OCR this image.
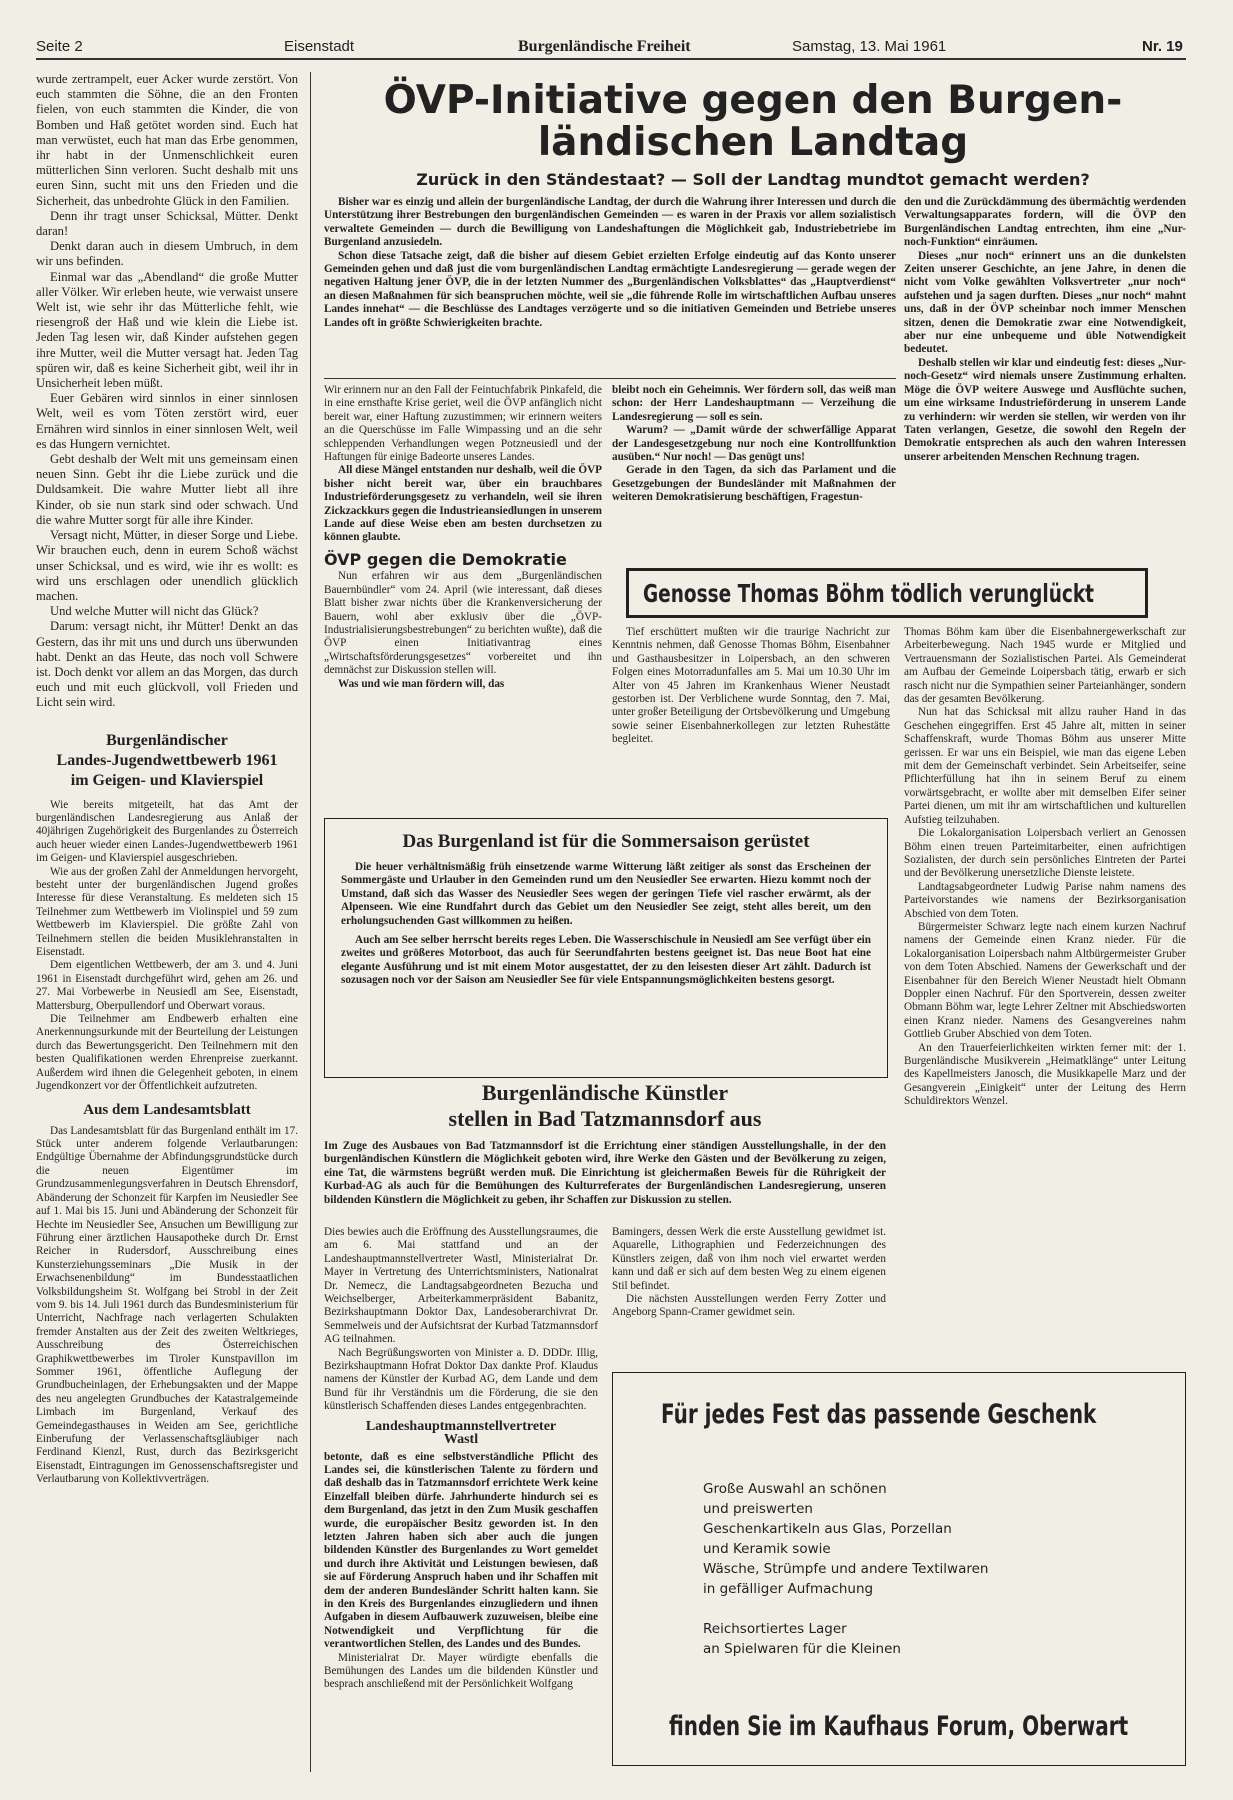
Seite 2	Eisenstadt	Burgenländische Freiheit	Samstag, 13. Mai 1961	Nr. 19

wurde zertrampelt, euer Acker wurde zerstört. Von euch stammten die Söhne, die an den Fronten fielen, von euch stammten die Kinder, die von Bomben und Haß getötet worden sind. Euch hat man verwüstet, euch hat man das Erbe genommen, ihr habt in der Unmenschlichkeit euren mütterlichen Sinn verloren. Sucht deshalb mit uns euren Sinn, sucht mit uns den Frieden und die Sicherheit, das unbedrohte Glück in den Familien.

Denn ihr tragt unser Schicksal, Mütter. Denkt daran!

Denkt daran auch in diesem Umbruch, in dem wir uns befinden.

Einmal war das „Abendland“ die große Mutter aller Völker. Wir erleben heute, wie verwaist unsere Welt ist, wie sehr ihr das Mütterliche fehlt, wie riesengroß der Haß und wie klein die Liebe ist. Jeden Tag lesen wir, daß Kinder aufstehen gegen ihre Mutter, weil die Mutter versagt hat. Jeden Tag spüren wir, daß es keine Sicherheit gibt, weil ihr in Unsicherheit leben müßt.

Euer Gebären wird sinnlos in einer sinnlosen Welt, weil es vom Töten zerstört wird, euer Ernähren wird sinnlos in einer sinnlosen Welt, weil es das Hungern vernichtet.

Gebt deshalb der Welt mit uns gemeinsam einen neuen Sinn. Gebt ihr die Liebe zurück und die Duldsamkeit. Die wahre Mutter liebt all ihre Kinder, ob sie nun stark sind oder schwach. Und die wahre Mutter sorgt für alle ihre Kinder.

Versagt nicht, Mütter, in dieser Sorge und Liebe. Wir brauchen euch, denn in eurem Schoß wächst unser Schicksal, und es wird, wie ihr es wollt: es wird uns erschlagen oder unendlich glücklich machen.

Und welche Mutter will nicht das Glück?

Darum: versagt nicht, ihr Mütter! Denkt an das Gestern, das ihr mit uns und durch uns überwunden habt. Denkt an das Heute, das noch voll Schwere ist. Doch denkt vor allem an das Morgen, das durch euch und mit euch glückvoll, voll Frieden und Licht sein wird.

Burgenländischer
Landes-Jugendwettbewerb 1961
im Geigen- und Klavierspiel

Wie bereits mitgeteilt, hat das Amt der burgenländischen Landesregierung aus Anlaß der 40jährigen Zugehörigkeit des Burgenlandes zu Österreich auch heuer wieder einen Landes-Jugendwettbewerb 1961 im Geigen- und Klavierspiel ausgeschrieben.

Wie aus der großen Zahl der Anmeldungen hervorgeht, besteht unter der burgenländischen Jugend großes Interesse für diese Veranstaltung. Es meldeten sich 15 Teilnehmer zum Wettbewerb im Violinspiel und 59 zum Wettbewerb im Klavierspiel. Die größte Zahl von Teilnehmern stellen die beiden Musiklehranstalten in Eisenstadt.

Dem eigentlichen Wettbewerb, der am 3. und 4. Juni 1961 in Eisenstadt durchgeführt wird, gehen am 26. und 27. Mai Vorbewerbe in Neusiedl am See, Eisenstadt, Mattersburg, Oberpullendorf und Oberwart voraus.

Die Teilnehmer am Endbewerb erhalten eine Anerkennungsurkunde mit der Beurteilung der Leistungen durch das Bewertungsgericht. Den Teilnehmern mit den besten Qualifikationen werden Ehrenpreise zuerkannt. Außerdem wird ihnen die Gelegenheit geboten, in einem Jugendkonzert vor der Öffentlichkeit aufzutreten.

Aus dem Landesamtsblatt

Das Landesamtsblatt für das Burgenland enthält im 17. Stück unter anderem folgende Verlautbarungen: Endgültige Übernahme der Abfindungsgrundstücke durch die neuen Eigentümer im Grundzusammenlegungsverfahren in Deutsch Ehrensdorf, Abänderung der Schonzeit für Karpfen im Neusiedler See auf 1. Mai bis 15. Juni und Abänderung der Schonzeit für Hechte im Neusiedler See, Ansuchen um Bewilligung zur Führung einer ärztlichen Hausapotheke durch Dr. Ernst Reicher in Rudersdorf, Ausschreibung eines Kunsterziehungsseminars „Die Musik in der Erwachsenenbildung“ im Bundesstaatlichen Volksbildungsheim St. Wolfgang bei Strobl in der Zeit vom 9. bis 14. Juli 1961 durch das Bundesministerium für Unterricht, Nachfrage nach verlagerten Schulakten fremder Anstalten aus der Zeit des zweiten Weltkrieges, Ausschreibung des Österreichischen Graphikwettbewerbes im Tiroler Kunstpavillon im Sommer 1961, öffentliche Auflegung der Grundbucheinlagen, der Erhebungsakten und der Mappe des neu angelegten Grundbuches der Katastralgemeinde Limbach im Burgenland, Verkauf des Gemeindegasthauses in Weiden am See, gerichtliche Einberufung der Verlassenschaftsgläubiger nach Ferdinand Kienzl, Rust, durch das Bezirksgericht Eisenstadt, Eintragungen im Genossenschaftsregister und Verlautbarung von Kollektivverträgen.

ÖVP-Initiative gegen den Burgen-
ländischen Landtag
Zurück in den Ständestaat? — Soll der Landtag mundtot gemacht werden?

Bisher war es einzig und allein der burgenländische Landtag, der durch die Wahrung ihrer Interessen und durch die Unterstützung ihrer Bestrebungen den burgenländischen Gemeinden — es waren in der Praxis vor allem sozialistisch verwaltete Gemeinden — durch die Bewilligung von Landeshaftungen die Möglichkeit gab, Industriebetriebe im Burgenland anzusiedeln.

Schon diese Tatsache zeigt, daß die bisher auf diesem Gebiet erzielten Erfolge eindeutig auf das Konto unserer Gemeinden gehen und daß just die vom burgenländischen Landtag ermächtigte Landesregierung — gerade wegen der negativen Haltung jener ÖVP, die in der letzten Nummer des „Burgenländischen Volksblattes“ das „Hauptverdienst“ an diesen Maßnahmen für sich beanspruchen möchte, weil sie „die führende Rolle im wirtschaftlichen Aufbau unseres Landes innehat“ — die Beschlüsse des Landtages verzögerte und so die initiativen Gemeinden und Betriebe unseres Landes oft in größte Schwierigkeiten brachte.

Wir erinnern nur an den Fall der Feintuchfabrik Pinkafeld, die in eine ernsthafte Krise geriet, weil die ÖVP anfänglich nicht bereit war, einer Haftung zuzustimmen; wir erinnern weiters an die Querschüsse im Falle Wimpassing und an die sehr schleppenden Verhandlungen wegen Potzneusiedl und der Haftungen für einige Badeorte unseres Landes.

All diese Mängel entstanden nur deshalb, weil die ÖVP bisher nicht bereit war, über ein brauchbares Industrieförderungsgesetz zu verhandeln, weil sie ihren Zickzackkurs gegen die Industrieansiedlungen in unserem Lande auf diese Weise eben am besten durchsetzen zu können glaubte.

ÖVP gegen die Demokratie

Nun erfahren wir aus dem „Burgenländischen Bauernbündler“ vom 24. April (wie interessant, daß dieses Blatt bisher zwar nichts über die Krankenversicherung der Bauern, wohl aber exklusiv über die „ÖVP-Industrialisierungsbestrebungen“ zu berichten wußte), daß die ÖVP einen Initiativantrag eines „Wirtschaftsförderungsgesetzes“ vorbereitet und ihn demnächst zur Diskussion stellen will.

Was und wie man fördern will, das

bleibt noch ein Geheimnis. Wer fördern soll, das weiß man schon: der Herr Landeshauptmann — Verzeihung die Landesregierung — soll es sein.

Warum? — „Damit würde der schwerfällige Apparat der Landesgesetzgebung nur noch eine Kontrollfunktion ausüben.“ Nur noch! — Das genügt uns!

Gerade in den Tagen, da sich das Parlament und die Gesetzgebungen der Bundesländer mit Maßnahmen der weiteren Demokratisierung beschäftigen, Fragestun-

den und die Zurückdämmung des übermächtig werdenden Verwaltungsapparates fordern, will die ÖVP den Burgenländischen Landtag entrechten, ihm eine „Nur-noch-Funktion“ einräumen.

Dieses „nur noch“ erinnert uns an die dunkelsten Zeiten unserer Geschichte, an jene Jahre, in denen die nicht vom Volke gewählten Volksvertreter „nur noch“ aufstehen und ja sagen durften. Dieses „nur noch“ mahnt uns, daß in der ÖVP scheinbar noch immer Menschen sitzen, denen die Demokratie zwar eine Notwendigkeit, aber nur eine unbequeme und üble Notwendigkeit bedeutet.

Deshalb stellen wir klar und eindeutig fest: dieses „Nur-noch-Gesetz“ wird niemals unsere Zustimmung erhalten. Möge die ÖVP weitere Auswege und Ausflüchte suchen, um eine wirksame Industrieförderung in unserem Lande zu verhindern: wir werden sie stellen, wir werden von ihr Taten verlangen, Gesetze, die sowohl den Regeln der Demokratie entsprechen als auch den wahren Interessen unserer arbeitenden Menschen Rechnung tragen.

Genosse Thomas Böhm tödlich verunglückt

Tief erschüttert mußten wir die traurige Nachricht zur Kenntnis nehmen, daß Genosse Thomas Böhm, Eisenbahner und Gasthausbesitzer in Loipersbach, an den schweren Folgen eines Motorradunfalles am 5. Mai um 10.30 Uhr im Alter von 45 Jahren im Krankenhaus Wiener Neustadt gestorben ist. Der Verblichene wurde Sonntag, den 7. Mai, unter großer Beteiligung der Ortsbevölkerung und Umgebung sowie seiner Eisenbahnerkollegen zur letzten Ruhestätte begleitet.

Thomas Böhm kam über die Eisenbahnergewerkschaft zur Arbeiterbewegung. Nach 1945 wurde er Mitglied und Vertrauensmann der Sozialistischen Partei. Als Gemeinderat am Aufbau der Gemeinde Loipersbach tätig, erwarb er sich rasch nicht nur die Sympathien seiner Parteianhänger, sondern das der gesamten Bevölkerung.

Nun hat das Schicksal mit allzu rauher Hand in das Geschehen eingegriffen. Erst 45 Jahre alt, mitten in seiner Schaffenskraft, wurde Thomas Böhm aus unserer Mitte gerissen. Er war uns ein Beispiel, wie man das eigene Leben mit dem der Gemeinschaft verbindet. Sein Arbeitseifer, seine Pflichterfüllung hat ihn in seinem Beruf zu einem vorwärtsgebracht, er wollte aber mit demselben Eifer seiner Partei dienen, um mit ihr am wirtschaftlichen und kulturellen Aufstieg teilzuhaben.

Die Lokalorganisation Loipersbach verliert an Genossen Böhm einen treuen Parteimitarbeiter, einen aufrichtigen Sozialisten, der durch sein persönliches Eintreten der Partei und der Bevölkerung unersetzliche Dienste leistete.

Landtagsabgeordneter Ludwig Parise nahm namens des Parteivorstandes wie namens der Bezirksorganisation Abschied von dem Toten.

Bürgermeister Schwarz legte nach einem kurzen Nachruf namens der Gemeinde einen Kranz nieder. Für die Lokalorganisation Loipersbach nahm Altbürgermeister Gruber von dem Toten Abschied. Namens der Gewerkschaft und der Eisenbahner für den Bereich Wiener Neustadt hielt Obmann Doppler einen Nachruf. Für den Sportverein, dessen zweiter Obmann Böhm war, legte Lehrer Zeltner mit Abschiedsworten einen Kranz nieder. Namens des Gesangvereines nahm Gottlieb Gruber Abschied von dem Toten.

An den Trauerfeierlichkeiten wirkten ferner mit: der 1. Burgenländische Musikverein „Heimatklänge“ unter Leitung des Kapellmeisters Janosch, die Musikkapelle Marz und der Gesangverein „Einigkeit“ unter der Leitung des Herrn Schuldirektors Wenzel.

Das Burgenland ist für die Sommersaison gerüstet

Die heuer verhältnismäßig früh einsetzende warme Witterung läßt zeitiger als sonst das Erscheinen der Sommergäste und Urlauber in den Gemeinden rund um den Neusiedler See erwarten. Hiezu kommt noch der Umstand, daß sich das Wasser des Neusiedler Sees wegen der geringen Tiefe viel rascher erwärmt, als der Alpenseen. Wie eine Rundfahrt durch das Gebiet um den Neusiedler See zeigt, steht alles bereit, um den erholungsuchenden Gast willkommen zu heißen.

Auch am See selber herrscht bereits reges Leben. Die Wasserschischule in Neusiedl am See verfügt über ein zweites und größeres Motorboot, das auch für Seerundfahrten bestens geeignet ist. Das neue Boot hat eine elegante Ausführung und ist mit einem Motor ausgestattet, der zu den leisesten dieser Art zählt. Dadurch ist sozusagen noch vor der Saison am Neusiedler See für viele Entspannungsmöglichkeiten bestens gesorgt.

Burgenländische Künstler
stellen in Bad Tatzmannsdorf aus

Im Zuge des Ausbaues von Bad Tatzmannsdorf ist die Errichtung einer ständigen Ausstellungshalle, in der den burgenländischen Künstlern die Möglichkeit geboten wird, ihre Werke den Gästen und der Bevölkerung zu zeigen, eine Tat, die wärmstens begrüßt werden muß. Die Einrichtung ist gleichermaßen Beweis für die Rührigkeit der Kurbad-AG als auch für die Bemühungen des Kulturreferates der Burgenländischen Landesregierung, unseren bildenden Künstlern die Möglichkeit zu geben, ihr Schaffen zur Diskussion zu stellen.

Dies bewies auch die Eröffnung des Ausstellungsraumes, die am 6. Mai stattfand und an der Landeshauptmannstellvertreter Wastl, Ministerialrat Dr. Mayer in Vertretung des Unterrichtsministers, Nationalrat Dr. Nemecz, die Landtagsabgeordneten Bezucha und Weichselberger, Arbeiterkammerpräsident Babanitz, Bezirkshauptmann Doktor Dax, Landesoberarchivrat Dr. Semmelweis und der Aufsichtsrat der Kurbad Tatzmannsdorf AG teilnahmen.

Nach Begrüßungsworten von Minister a. D. DDDr. Illig, Bezirkshauptmann Hofrat Doktor Dax dankte Prof. Klaudus namens der Künstler der Kurbad AG, dem Lande und dem Bund für ihr Verständnis um die Förderung, die sie den künstlerisch Schaffenden dieses Landes entgegenbrachten.

Landeshauptmannstellvertreter
Wastl

betonte, daß es eine selbstverständliche Pflicht des Landes sei, die künstlerischen Talente zu fördern und daß deshalb das in Tatzmannsdorf errichtete Werk keine Einzelfall bleiben dürfe. Jahrhunderte hindurch sei es dem Burgenland, das jetzt in den Zum Musik geschaffen wurde, die europäischer Besitz geworden ist. In den letzten Jahren haben sich aber auch die jungen bildenden Künstler des Burgenlandes zu Wort gemeldet und durch ihre Aktivität und Leistungen bewiesen, daß sie auf Förderung Anspruch haben und ihr Schaffen mit dem der anderen Bundesländer Schritt halten kann. Sie in den Kreis des Burgenlandes einzugliedern und ihnen Aufgaben in diesem Aufbauwerk zuzuweisen, bleibe eine Notwendigkeit und Verpflichtung für die verantwortlichen Stellen, des Landes und des Bundes.

Ministerialrat Dr. Mayer würdigte ebenfalls die Bemühungen des Landes um die bildenden Künstler und besprach anschließend mit der Persönlichkeit Wolfgang

Bamingers, dessen Werk die erste Ausstellung gewidmet ist. Aquarelle, Lithographien und Federzeichnungen des Künstlers zeigen, daß von ihm noch viel erwartet werden kann und daß er sich auf dem besten Weg zu einem eigenen Stil befindet.

Die nächsten Ausstellungen werden Ferry Zotter und Angeborg Spann-Cramer gewidmet sein.

Für jedes Fest das passende Geschenk
Große Auswahl an schönen
und preiswerten
Geschenkartikeln aus Glas, Porzellan
und Keramik sowie
Wäsche, Strümpfe und andere Textilwaren
in gefälliger Aufmachung
Reichsortiertes Lager
an Spielwaren für die Kleinen
finden Sie im Kaufhaus Forum, Oberwart
